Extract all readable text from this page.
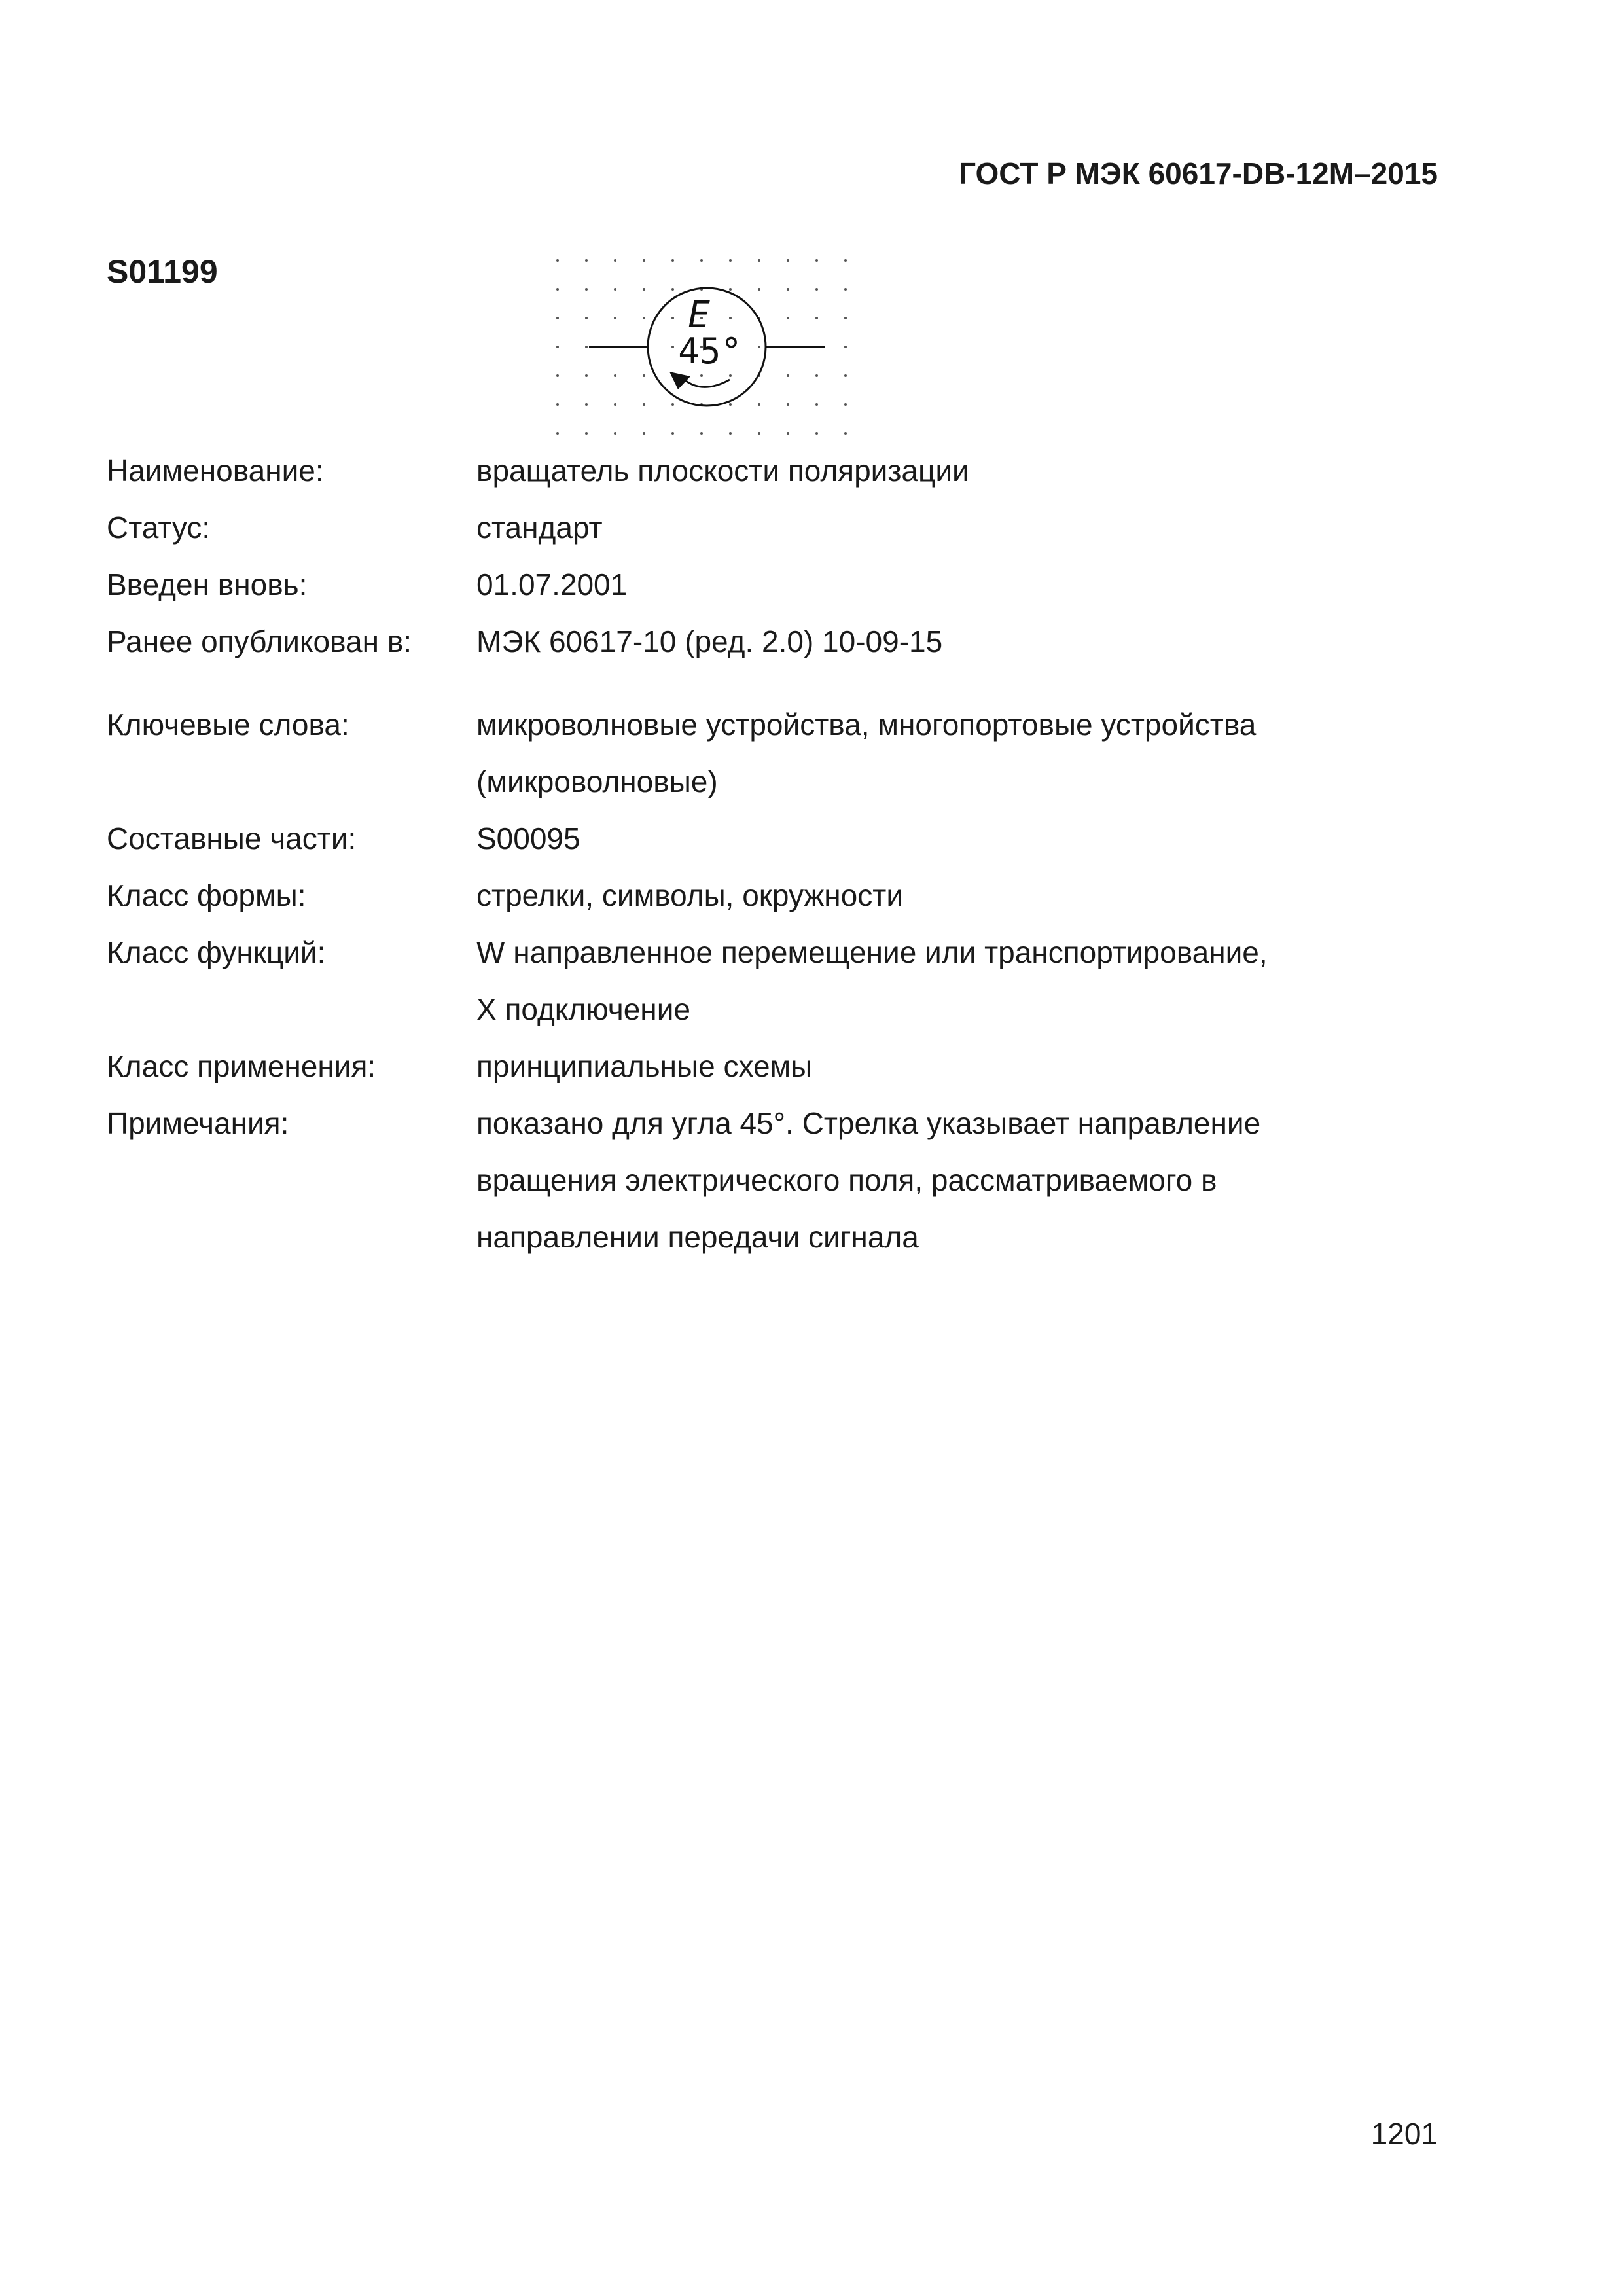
ГОСТ Р МЭК 60617-DB-12M–2015
S01199
E
45°
Наименование:	вращатель плоскости поляризации
Статус:	стандарт
Введен вновь:	01.07.2001
Ранее опубликован в:	МЭК 60617-10 (ред. 2.0) 10-09-15
Ключевые слова:	микроволновые устройства, многопортовые устройства
(микроволновые)
Составные части:	S00095
Класс формы:	стрелки, символы, окружности
Класс функций:	W направленное перемещение или транспортирование,
X подключение
Класс применения:	принципиальные схемы
Примечания:	показано для угла 45°. Стрелка указывает направление
вращения электрического поля, рассматриваемого в
направлении передачи сигнала
1201
